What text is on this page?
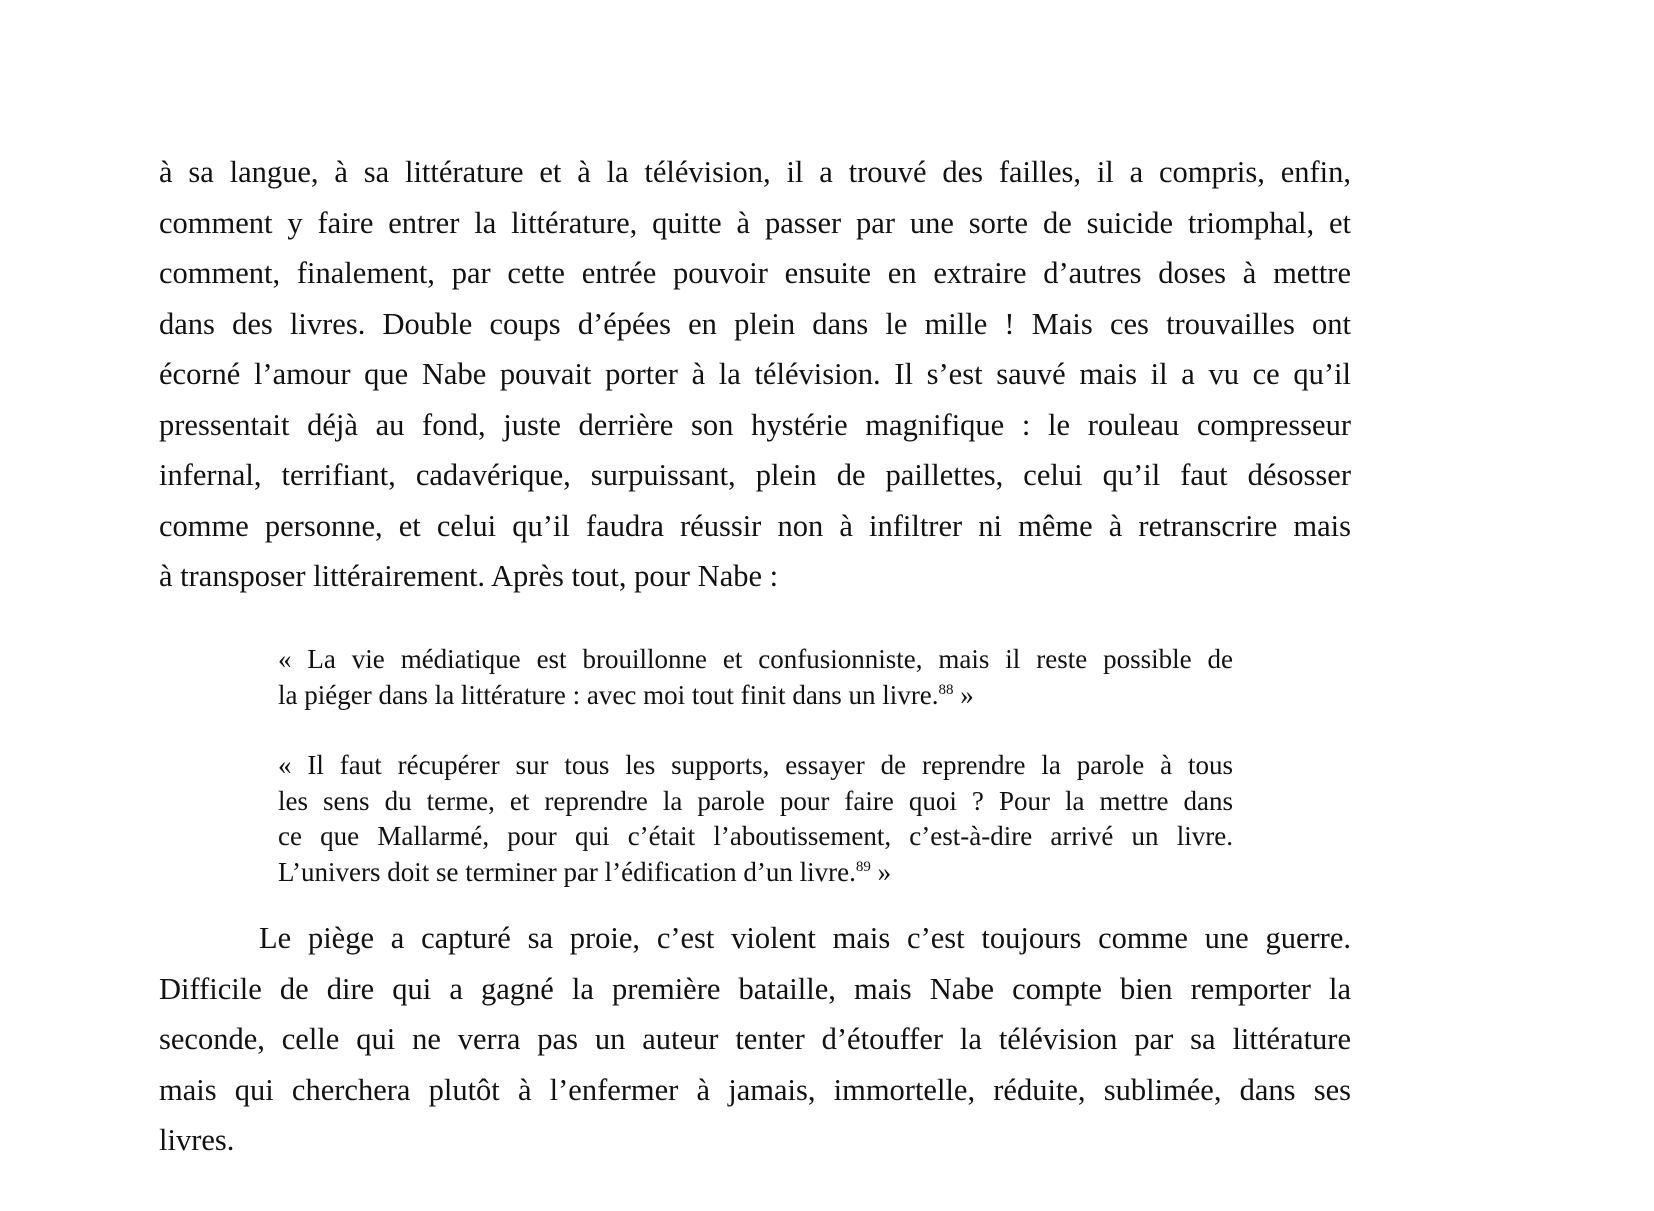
à sa langue, à sa littérature et à la télévision, il a trouvé des failles, il a compris, enfin,
comment y faire entrer la littérature, quitte à passer par une sorte de suicide triomphal, et
comment, finalement, par cette entrée pouvoir ensuite en extraire d’autres doses à mettre
dans des livres. Double coups d’épées en plein dans le mille ! Mais ces trouvailles ont
écorné l’amour que Nabe pouvait porter à la télévision. Il s’est sauvé mais il a vu ce qu’il
pressentait déjà au fond, juste derrière son hystérie magnifique : le rouleau compresseur
infernal, terrifiant, cadavérique, surpuissant, plein de paillettes, celui qu’il faut désosser
comme personne, et celui qu’il faudra réussir non à infiltrer ni même à retranscrire mais
à transposer littérairement. Après tout, pour Nabe :

« La vie médiatique est brouillonne et confusionniste, mais il reste possible de
la piéger dans la littérature : avec moi tout finit dans un livre.$^{88}$ »
« Il faut récupérer sur tous les supports, essayer de reprendre la parole à tous
les sens du terme, et reprendre la parole pour faire quoi ? Pour la mettre dans
ce que Mallarmé, pour qui c’était l’aboutissement, c’est-à-dire arrivé un livre.
L’univers doit se terminer par l’édification d’un livre.$^{89}$ »

Le piège a capturé sa proie, c’est violent mais c’est toujours comme une guerre.
Difficile de dire qui a gagné la première bataille, mais Nabe compte bien remporter la
seconde, celle qui ne verra pas un auteur tenter d’étouffer la télévision par sa littérature
mais qui cherchera plutôt à l’enfermer à jamais, immortelle, réduite, sublimée, dans ses
livres.
